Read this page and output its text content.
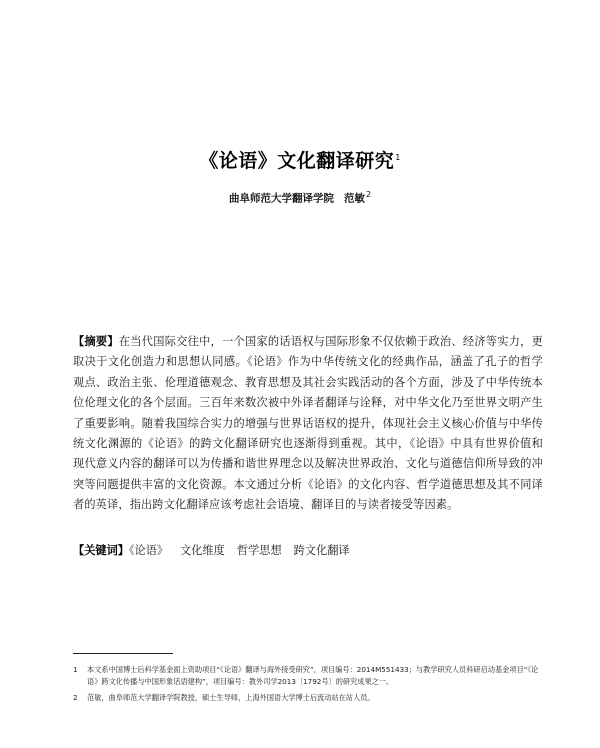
《论语》文化翻译研究$^1$
曲阜师范大学翻译学院 范敏$^2$
【摘要】在当代国际交往中，一个国家的话语权与国际形象不仅依赖于政治、经济等实力，更取决于文化创造力和思想认同感。《论语》作为中华传统文化的经典作品，涵盖了孔子的哲学观点、政治主张、伦理道德观念、教育思想及其社会实践活动的各个方面，涉及了中华传统本位伦理文化的各个层面。三百年来数次被中外译者翻译与诠释，对中华文化乃至世界文明产生了重要影响。随着我国综合实力的增强与世界话语权的提升，体现社会主义核心价值与中华传统文化渊源的《论语》的跨文化翻译研究也逐渐得到重视。其中，《论语》中具有世界价值和现代意义内容的翻译可以为传播和谐世界理念以及解决世界政治、文化与道德信仰所导致的冲突等问题提供丰富的文化资源。本文通过分析《论语》的文化内容、哲学道德思想及其不同译者的英译，指出跨文化翻译应该考虑社会语境、翻译目的与读者接受等因素。
【关键词】《论语》 文化维度 哲学思想 跨文化翻译
1 本文系中国博士后科学基金面上资助项目“《论语》翻译与海外接受研究”，项目编号：2014M551433；与教学研究人员科研启动基金项目“《论语》跨文化传播与中国形象话语建构”，项目编号：教外司学2013〔1792号〕的研究成果之一。
2 范敏，曲阜师范大学翻译学院教授，硕士生导师，上海外国语大学博士后流动站在站人员。
